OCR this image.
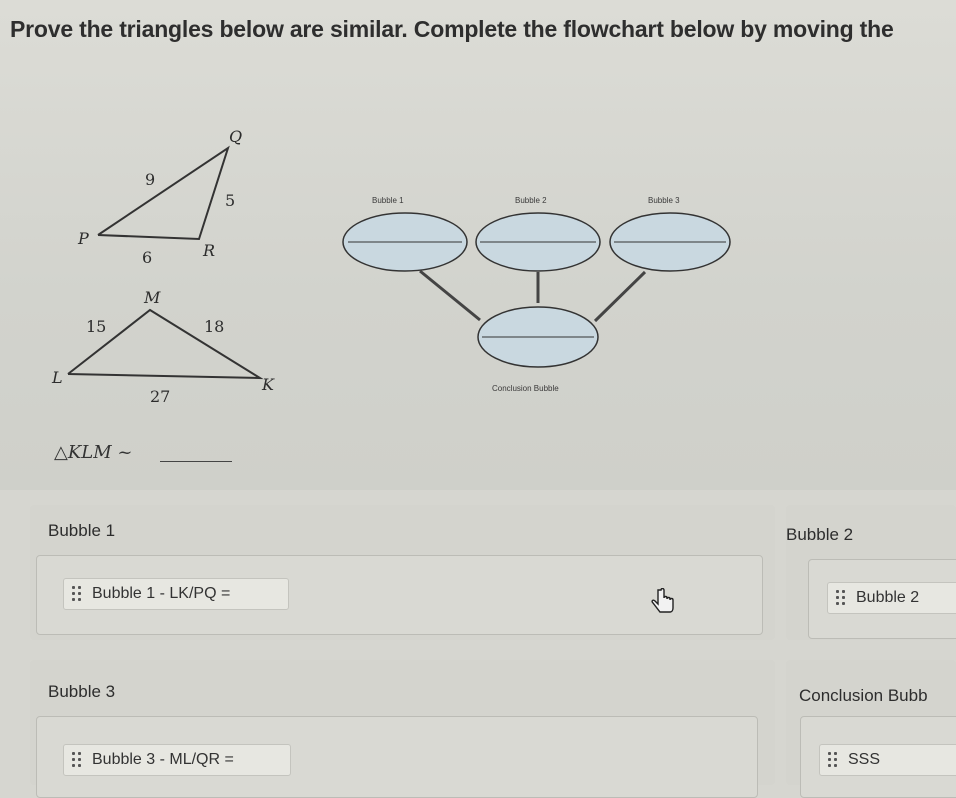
Prove the triangles below are similar. Complete the flowchart below by moving the
Q
P
R
9
5
6
M
L	K
15	18
27
Bubble 1	Bubble 2	Bubble 3
Conclusion Bubble
△KLM ~
Bubble 1
Bubble 1 - LK/PQ =
Bubble 2
Bubble 2
Bubble 3
Bubble 3 - ML/QR =
Conclusion Bubb
SSS
